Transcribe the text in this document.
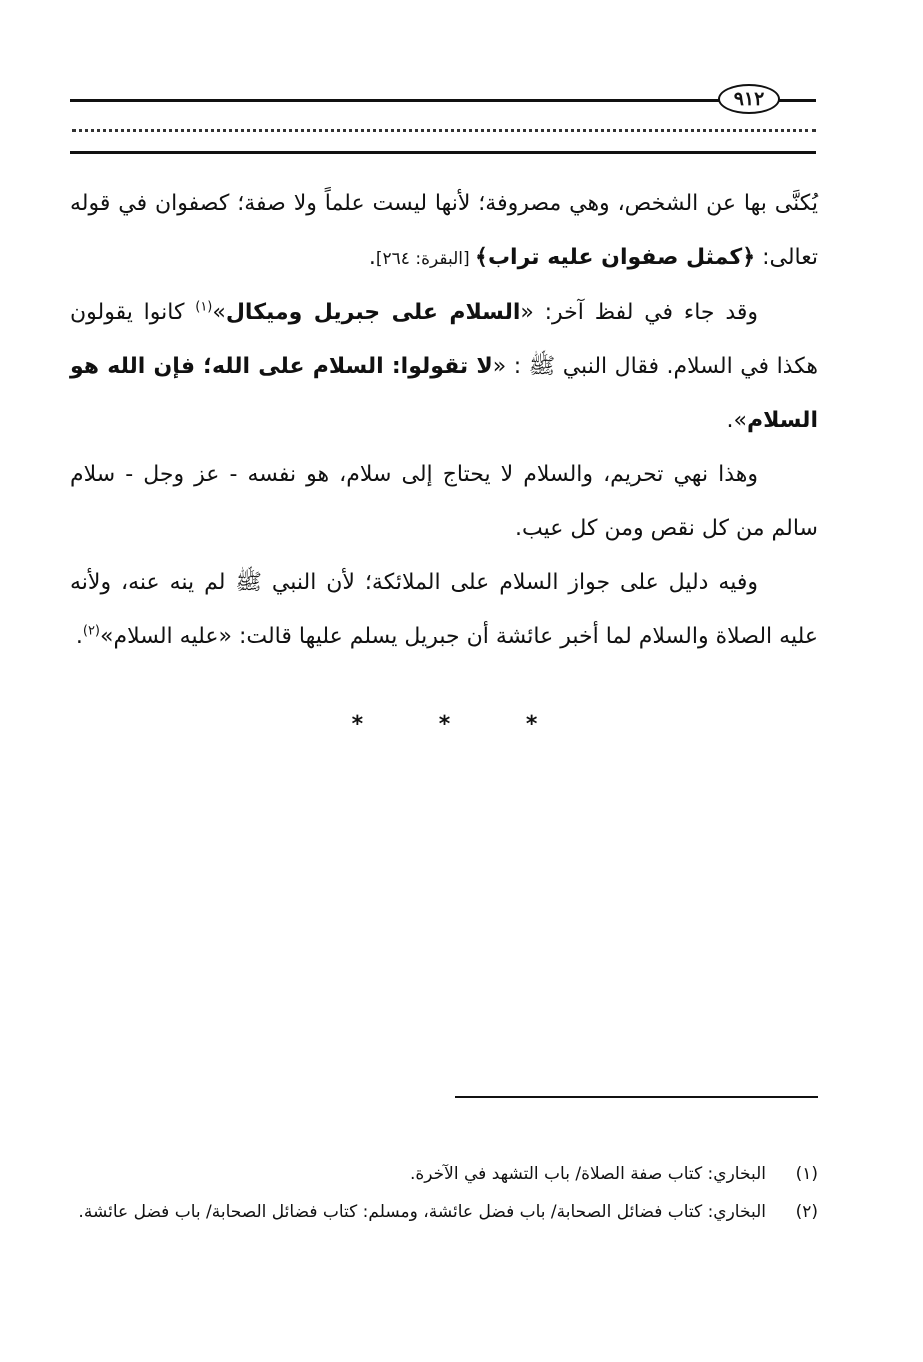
٩١٢

يُكنَّى بها عن الشخص، وهي مصروفة؛ لأنها ليست علماً ولا صفة؛ كصفوان في قوله تعالى: ﴿كمثل صفوان عليه تراب﴾ [البقرة: ٢٦٤].

وقد جاء في لفظ آخر: «السلام على جبريل وميكال»$^{(١)}$ كانوا يقولون هكذا في السلام. فقال النبي ﷺ : «لا تقولوا: السلام على الله؛ فإن الله هو السلام».

وهذا نهي تحريم، والسلام لا يحتاج إلى سلام، هو نفسه - عز وجل - سلام سالم من كل نقص ومن كل عيب.

وفيه دليل على جواز السلام على الملائكة؛ لأن النبي ﷺ لم ينه عنه، ولأنه عليه الصلاة والسلام لما أخبر عائشة أن جبريل يسلم عليها قالت: «عليه السلام»$^{(٢)}$.

* * *
(١)
البخاري: كتاب صفة الصلاة/ باب التشهد في الآخرة.
(٢)
البخاري: كتاب فضائل الصحابة/ باب فضل عائشة، ومسلم: كتاب فضائل الصحابة/ باب فضل عائشة.
